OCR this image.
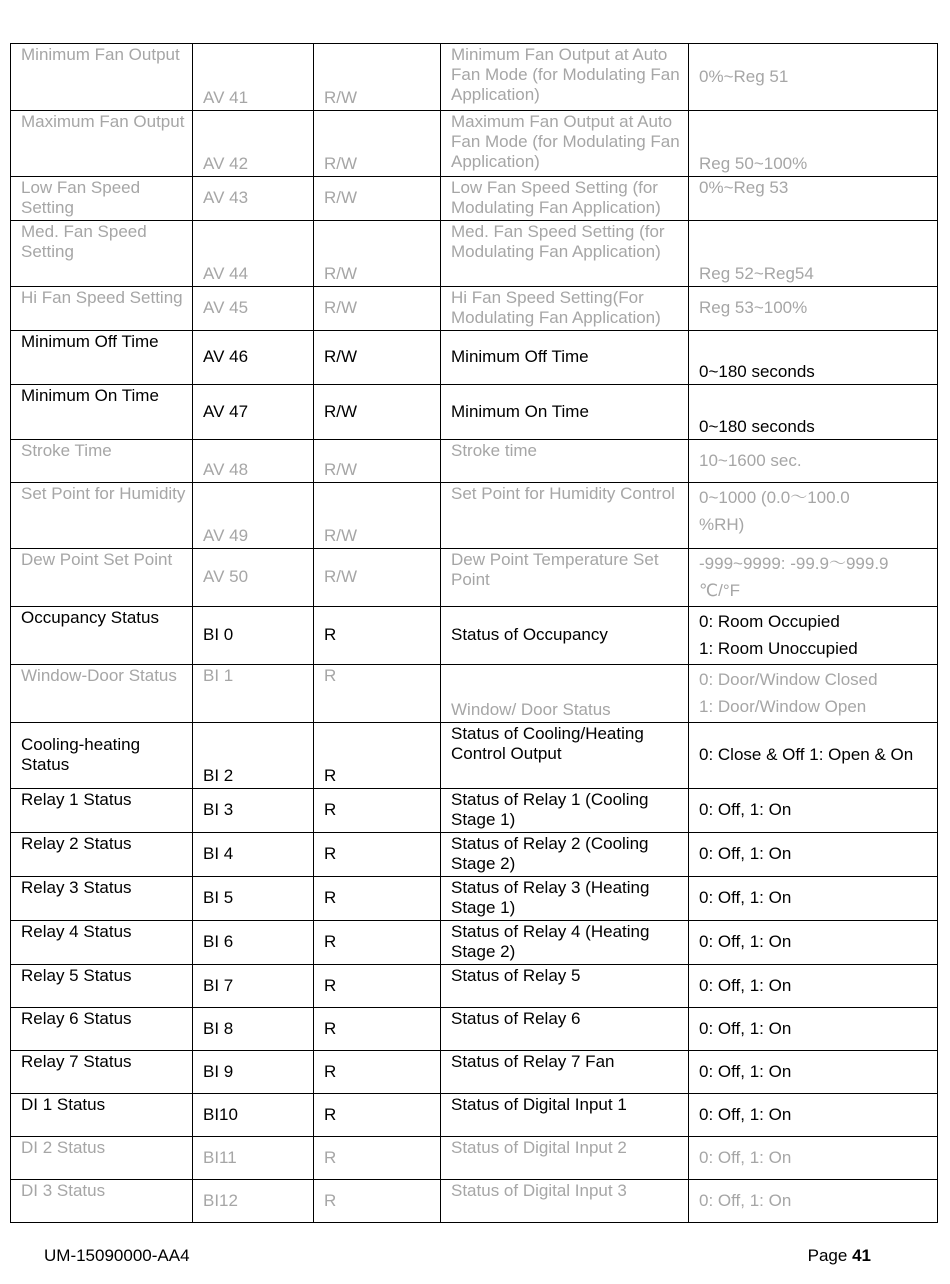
Minimum Fan Output	AV 41	R/W	Minimum Fan Output at Auto Fan Mode (for Modulating Fan Application)	0%~Reg 51
Maximum Fan Output	AV 42	R/W	Maximum Fan Output at Auto Fan Mode (for Modulating Fan Application)	Reg 50~100%
Low Fan Speed Setting	AV 43	R/W	Low Fan Speed Setting (for Modulating Fan Application)	0%~Reg 53
Med. Fan Speed Setting	AV 44	R/W	Med. Fan Speed Setting (for Modulating Fan Application)	Reg 52~Reg54
Hi Fan Speed Setting	AV 45	R/W	Hi Fan Speed Setting(For Modulating Fan Application)	Reg 53~100%
Minimum Off Time	AV 46	R/W	Minimum Off Time	0~180 seconds
Minimum On Time	AV 47	R/W	Minimum On Time	0~180 seconds
Stroke Time	AV 48	R/W	Stroke time	10~1600 sec.
Set Point for Humidity	AV 49	R/W	Set Point for Humidity Control	0~1000 (0.0～100.0
%RH)

Dew Point Set Point	AV 50	R/W	Dew Point Temperature Set Point	-999~9999: -99.9～999.9
℃/°F

Occupancy Status	BI 0	R	Status of Occupancy	0: Room Occupied
1: Room Unoccupied

Window-Door Status	BI 1	R	Window/ Door Status	0: Door/Window Closed
1: Door/Window Open

Cooling-heating Status	BI 2	R	Status of Cooling/Heating Control Output	0: Close & Off 1: Open & On
Relay 1 Status	BI 3	R	Status of Relay 1 (Cooling Stage 1)	0: Off, 1: On
Relay 2 Status	BI 4	R	Status of Relay 2 (Cooling Stage 2)	0: Off, 1: On
Relay 3 Status	BI 5	R	Status of Relay 3 (Heating Stage 1)	0: Off, 1: On
Relay 4 Status	BI 6	R	Status of Relay 4 (Heating Stage 2)	0: Off, 1: On
Relay 5 Status	BI 7	R	Status of Relay 5	0: Off, 1: On
Relay 6 Status	BI 8	R	Status of Relay 6	0: Off, 1: On
Relay 7 Status	BI 9	R	Status of Relay 7 Fan	0: Off, 1: On
DI 1 Status	BI10	R	Status of Digital Input 1	0: Off, 1: On
DI 2 Status	BI11	R	Status of Digital Input 2	0: Off, 1: On
DI 3 Status	BI12	R	Status of Digital Input 3	0: Off, 1: On
UM-15090000-AA4	Page 41
